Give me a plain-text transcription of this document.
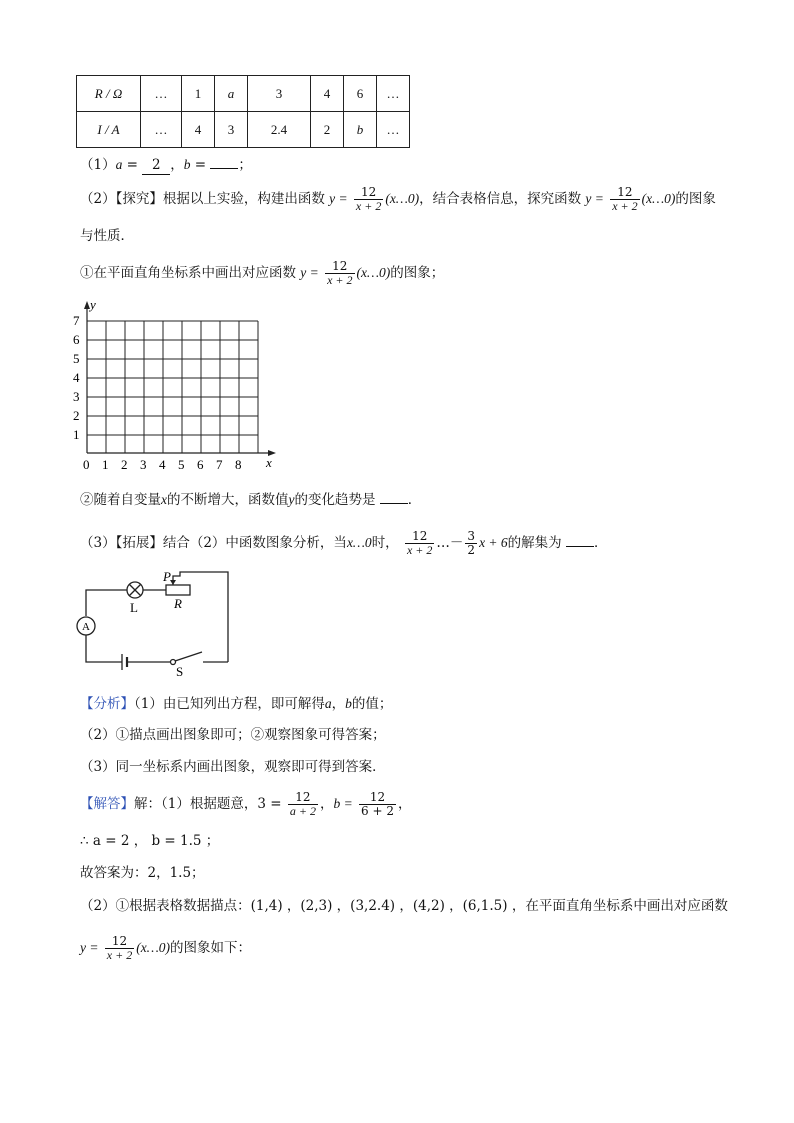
R / Ω	…	1	a	3	4	6	…
I / A	…	4	3	2.4	2	b	…
（1）a = 2 ，b = ；
（2）【探究】根据以上实验，构建出函数 $y = \frac{12}{x + 2}$ (x…0)，结合表格信息，探究函数 $y = \frac{12}{x + 2}$ (x…0)的图象
与性质．
①在平面直角坐标系中画出对应函数 $y = \frac{12}{x + 2}$ (x…0)的图象；
y
x
0 1 2 3 4 5 6 7 8
1
2
3
4
5
6
7
②随着自变量x的不断增大，函数值y的变化趋势是 ．
（3）【拓展】结合（2）中函数图象分析，当x…0时， $\frac{12}{x + 2}$ …－ $\frac{3}{2}$ x + 6的解集为 ．
P
R
L
A
S
【分析】（1）由已知列出方程，即可解得a，b的值；
（2）①描点画出图象即可；②观察图象可得答案；
（3）同一坐标系内画出图象，观察即可得到答案．
【解答】解：（1）根据题意，$3 = \frac{12}{a + 2}$ ，$b = \frac{12}{6 + 2}$ ，
∴ a = 2 ， b = 1.5 ；
故答案为：2，1.5；
（2）①根据表格数据描点：(1,4) ，(2,3) ，(3,2.4) ，(4,2) ，(6,1.5) ，在平面直角坐标系中画出对应函数
$y = \frac{12}{x + 2}$ (x…0)的图象如下：
